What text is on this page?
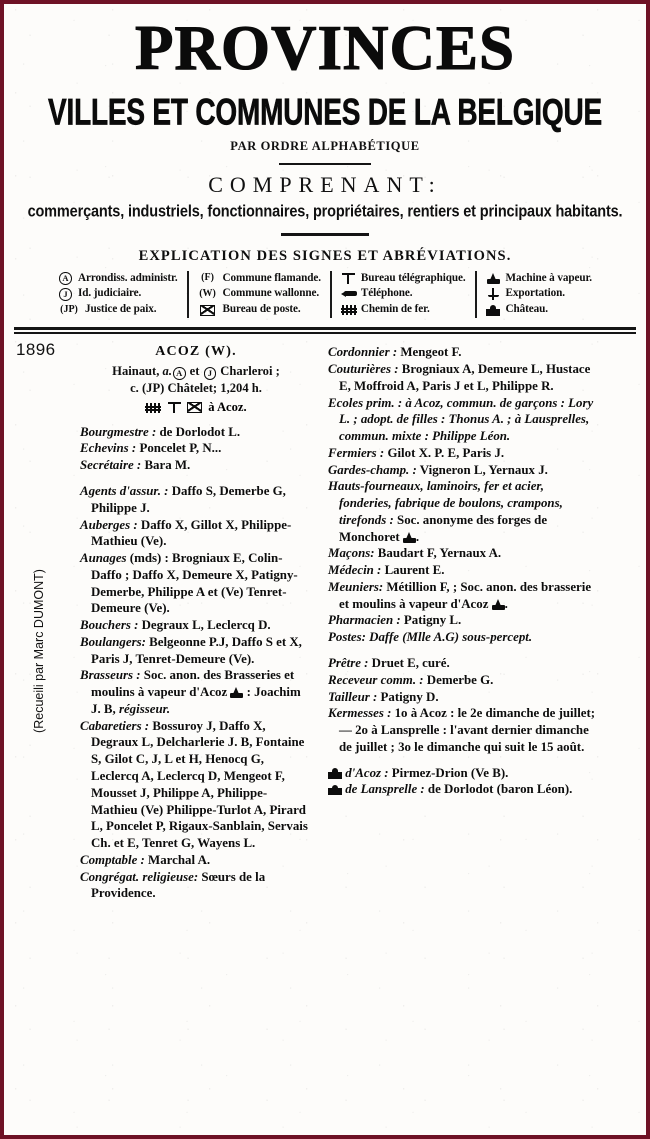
PROVINCES
VILLES ET COMMUNES DE LA BELGIQUE
PAR ORDRE ALPHABÉTIQUE
COMPRENANT:
commerçants, industriels, fonctionnaires, propriétaires, rentiers et principaux habitants.
EXPLICATION DES SIGNES ET ABRÉVIATIONS.
A Arrondiss. administr.
J Id. judiciaire.
(JP) Justice de paix.
(F) Commune flamande.
(W) Commune wallonne.
Bureau de poste.
Bureau télégraphique.
Téléphone.
Chemin de fer.
Machine à vapeur.
Exportation.
Château.
1896
(Recueili par Marc DUMONT)
ACOZ (W).
Hainaut, a. A et J Charleroi ;
c. (JP) Châtelet; 1,204 h.
à Acoz.
Bourgmestre : de Dorlodot L.
Echevins : Poncelet P, N...
Secrétaire : Bara M.
Agents d'assur. : Daffo S, Demerbe G, Philippe J.
Auberges : Daffo X, Gillot X, Philippe-Mathieu (Ve).
Aunages (mds) : Brogniaux E, Colin-Daffo ; Daffo X, Demeure X, Patigny-Demerbe, Philippe A et (Ve) Tenret-Demeure (Ve).
Bouchers : Degraux L, Leclercq D.
Boulangers: Belgeonne P.J, Daffo S et X, Paris J, Tenret-Demeure (Ve).
Brasseurs : Soc. anon. des Brasseries et moulins à vapeur d'Acoz  : Joachim J. B, régisseur.
Cabaretiers : Bossuroy J, Daffo X, Degraux L, Delcharlerie J. B, Fontaine S, Gilot C, J, L et H, Henocq G, Leclercq A, Leclercq D, Mengeot F, Mousset J, Philippe A, Philippe-Mathieu (Ve) Philippe-Turlot A, Pirard L, Poncelet P, Rigaux-Sanblain, Servais Ch. et E, Tenret G, Wayens L.
Comptable : Marchal A.
Congrégat. religieuse: Sœurs de la Providence.
Cordonnier : Mengeot F.
Couturières : Brogniaux A, Demeure L, Hustace E, Moffroid A, Paris J et L, Philippe R.
Ecoles prim. : à Acoz, commun. de garçons : Lory L. ; adopt. de filles : Thonus A. ; à Lausprelles, commun. mixte : Philippe Léon.
Fermiers : Gilot X. P. E, Paris J.
Gardes-champ. : Vigneron L, Yernaux J.
Hauts-fourneaux, laminoirs, fer et acier, fonderies, fabrique de boulons, crampons, tirefonds : Soc. anonyme des forges de Monchoret .
Maçons: Baudart F, Yernaux A.
Médecin : Laurent E.
Meuniers: Métillion F, ; Soc. anon. des brasserie et moulins à vapeur d'Acoz .
Pharmacien : Patigny L.
Postes: Daffe (Mlle A.G) sous-percept.
Prêtre : Druet E, curé.
Receveur comm. : Demerbe G.
Tailleur : Patigny D.
Kermesses : 1o à Acoz : le 2e dimanche de juillet; — 2o à Lansprelle : l'avant dernier dimanche de juillet ; 3o le dimanche qui suit le 15 août.
d'Acoz : Pirmez-Drion (Ve B).
de Lansprelle : de Dorlodot (baron Léon).
